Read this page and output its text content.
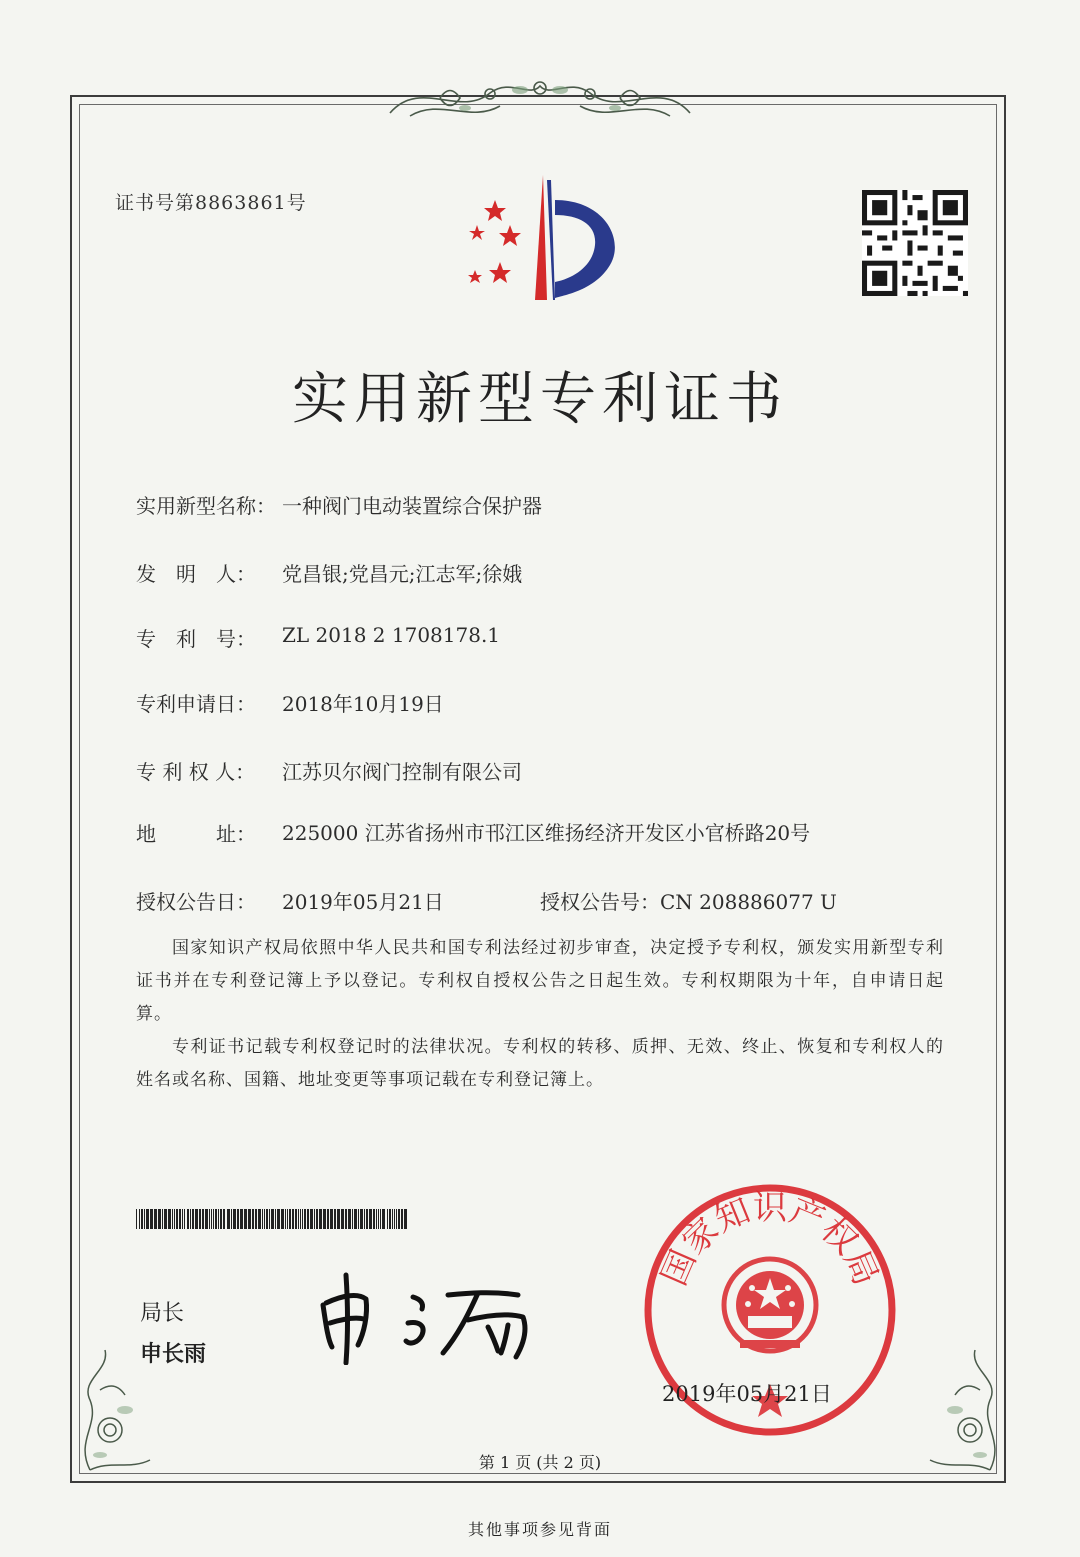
证书号第8863861号
实用新型专利证书
实用新型名称： 一种阀门电动装置综合保护器
发　明　人： 党昌银;党昌元;江志军;徐娥
专　利　号： ZL 2018 2 1708178.1
专利申请日： 2018年10月19日
专 利 权 人： 江苏贝尔阀门控制有限公司
地　　　址： 225000 江苏省扬州市邗江区维扬经济开发区小官桥路20号
授权公告日： 2019年05月21日	授权公告号：CN 208886077 U
国家知识产权局依照中华人民共和国专利法经过初步审查，决定授予专利权，颁发实用新型专利证书并在专利登记簿上予以登记。专利权自授权公告之日起生效。专利权期限为十年，自申请日起算。
专利证书记载专利权登记时的法律状况。专利权的转移、质押、无效、终止、恢复和专利权人的姓名或名称、国籍、地址变更等事项记载在专利登记簿上。
局长
申长雨
国家知识产权局
2019年05月21日
第 1 页 (共 2 页)
其他事项参见背面
